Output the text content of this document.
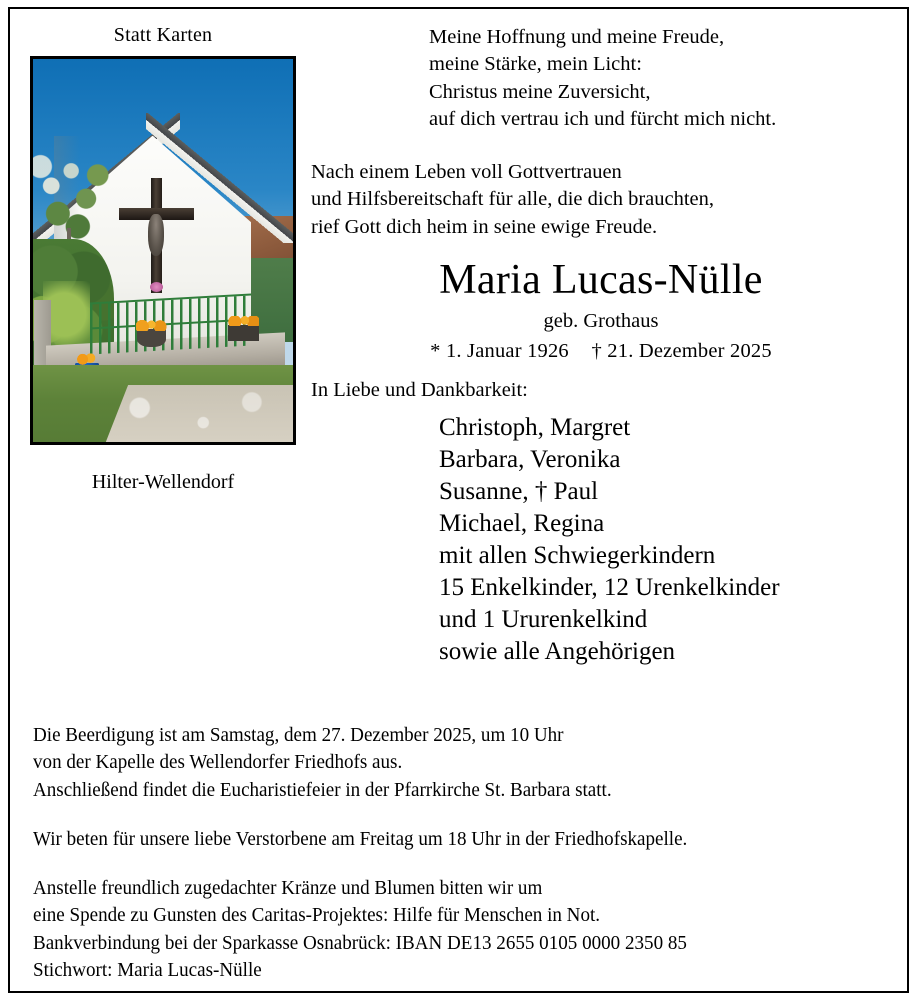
Statt Karten
Hilter-Wellendorf
Meine Hoffnung und meine Freude,
meine Stärke, mein Licht:
Christus meine Zuversicht,
auf dich vertrau ich und fürcht mich nicht.
Nach einem Leben voll Gottvertrauen
und Hilfsbereitschaft für alle, die dich brauchten,
rief Gott dich heim in seine ewige Freude.
Maria Lucas-Nülle
geb. Grothaus
* 1. Januar 1926 † 21. Dezember 2025
In Liebe und Dankbarkeit:
Christoph, Margret
Barbara, Veronika
Susanne, † Paul
Michael, Regina
mit allen Schwiegerkindern
15 Enkelkinder, 12 Urenkelkinder
und 1 Ururenkelkind
sowie alle Angehörigen

Die Beerdigung ist am Samstag, dem 27. Dezember 2025, um 10 Uhr

von der Kapelle des Wellendorfer Friedhofs aus.

Anschließend findet die Eucharistiefeier in der Pfarrkirche St. Barbara statt.

Wir beten für unsere liebe Verstorbene am Freitag um 18 Uhr in der Friedhofskapelle.

Anstelle freundlich zugedachter Kränze und Blumen bitten wir um

eine Spende zu Gunsten des Caritas-Projektes: Hilfe für Menschen in Not.

Bankverbindung bei der Sparkasse Osnabrück: IBAN DE13 2655 0105 0000 2350 85

Stichwort: Maria Lucas-Nülle
